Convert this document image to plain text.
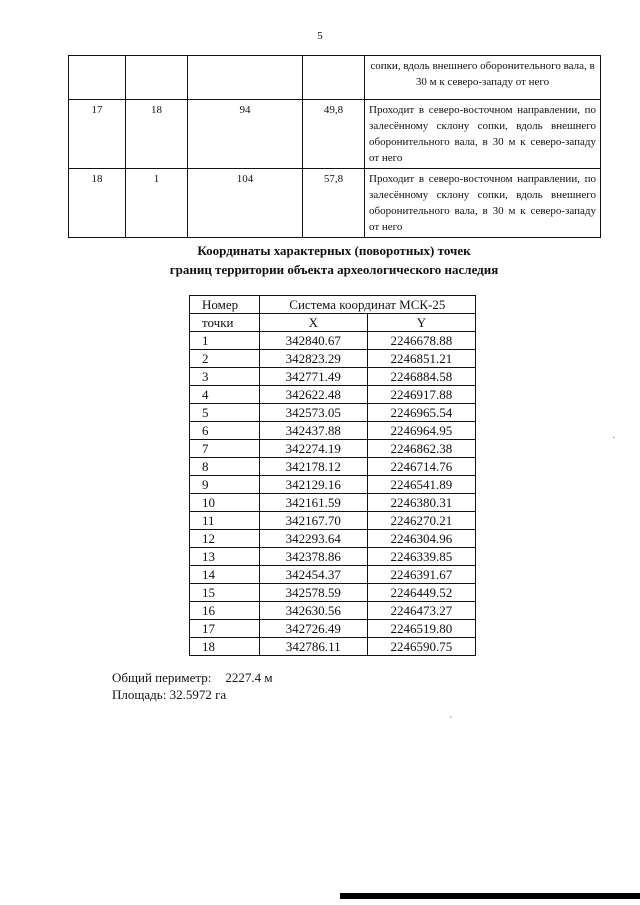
5
				сопки, вдоль внешнего оборонительного вала, в 30 м к северо-западу от него
17	18	94	49,8	Проходит в северо-восточном направлении, по залесённому склону сопки, вдоль внешнего оборонительного вала, в 30 м к северо-западу от него
18	1	104	57,8	Проходит в северо-восточном направлении, по залесённому склону сопки, вдоль внешнего оборонительного вала, в 30 м к северо-западу от него
Координаты характерных (поворотных) точек
границ территории объекта археологического наследия
Номер	Система координат МСК-25	
точки	X	Y
1	342840.67	2246678.88
2	342823.29	2246851.21
3	342771.49	2246884.58
4	342622.48	2246917.88
5	342573.05	2246965.54
6	342437.88	2246964.95
7	342274.19	2246862.38
8	342178.12	2246714.76
9	342129.16	2246541.89
10	342161.59	2246380.31
11	342167.70	2246270.21
12	342293.64	2246304.96
13	342378.86	2246339.85
14	342454.37	2246391.67
15	342578.59	2246449.52
16	342630.56	2246473.27
17	342726.49	2246519.80
18	342786.11	2246590.75
Общий периметр: 2227.4 м
Площадь: 32.5972 га
·
`
